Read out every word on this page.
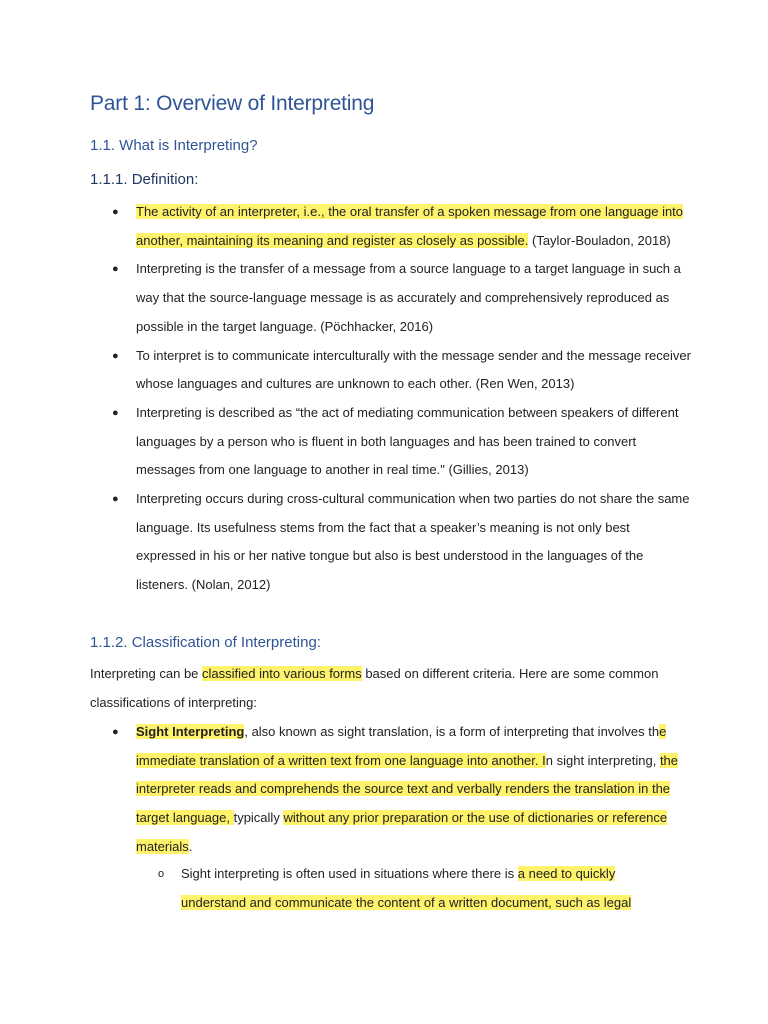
Part 1: Overview of Interpreting
1.1. What is Interpreting?
1.1.1. Definition:
● The activity of an interpreter, i.e., the oral transfer of a spoken message from one language into another, maintaining its meaning and register as closely as possible. (Taylor-Bouladon, 2018)
● Interpreting is the transfer of a message from a source language to a target language in such a way that the source-language message is as accurately and comprehensively reproduced as possible in the target language. (Pöchhacker, 2016)
● To interpret is to communicate interculturally with the message sender and the message receiver whose languages and cultures are unknown to each other. (Ren Wen, 2013)
● Interpreting is described as “the act of mediating communication between speakers of different languages by a person who is fluent in both languages and has been trained to convert messages from one language to another in real time." (Gillies, 2013)
● Interpreting occurs during cross-cultural communication when two parties do not share the same language. Its usefulness stems from the fact that a speaker’s meaning is not only best expressed in his or her native tongue but also is best understood in the languages of the listeners. (Nolan, 2012)
1.1.2. Classification of Interpreting:

Interpreting can be classified into various forms based on different criteria. Here are some common classifications of interpreting:

● Sight Interpreting, also known as sight translation, is a form of interpreting that involves the immediate translation of a written text from one language into another. In sight interpreting, the interpreter reads and comprehends the source text and verbally renders the translation in the target language, typically without any prior preparation or the use of dictionaries or reference materials.
o Sight interpreting is often used in situations where there is a need to quickly understand and communicate the content of a written document, such as legal
